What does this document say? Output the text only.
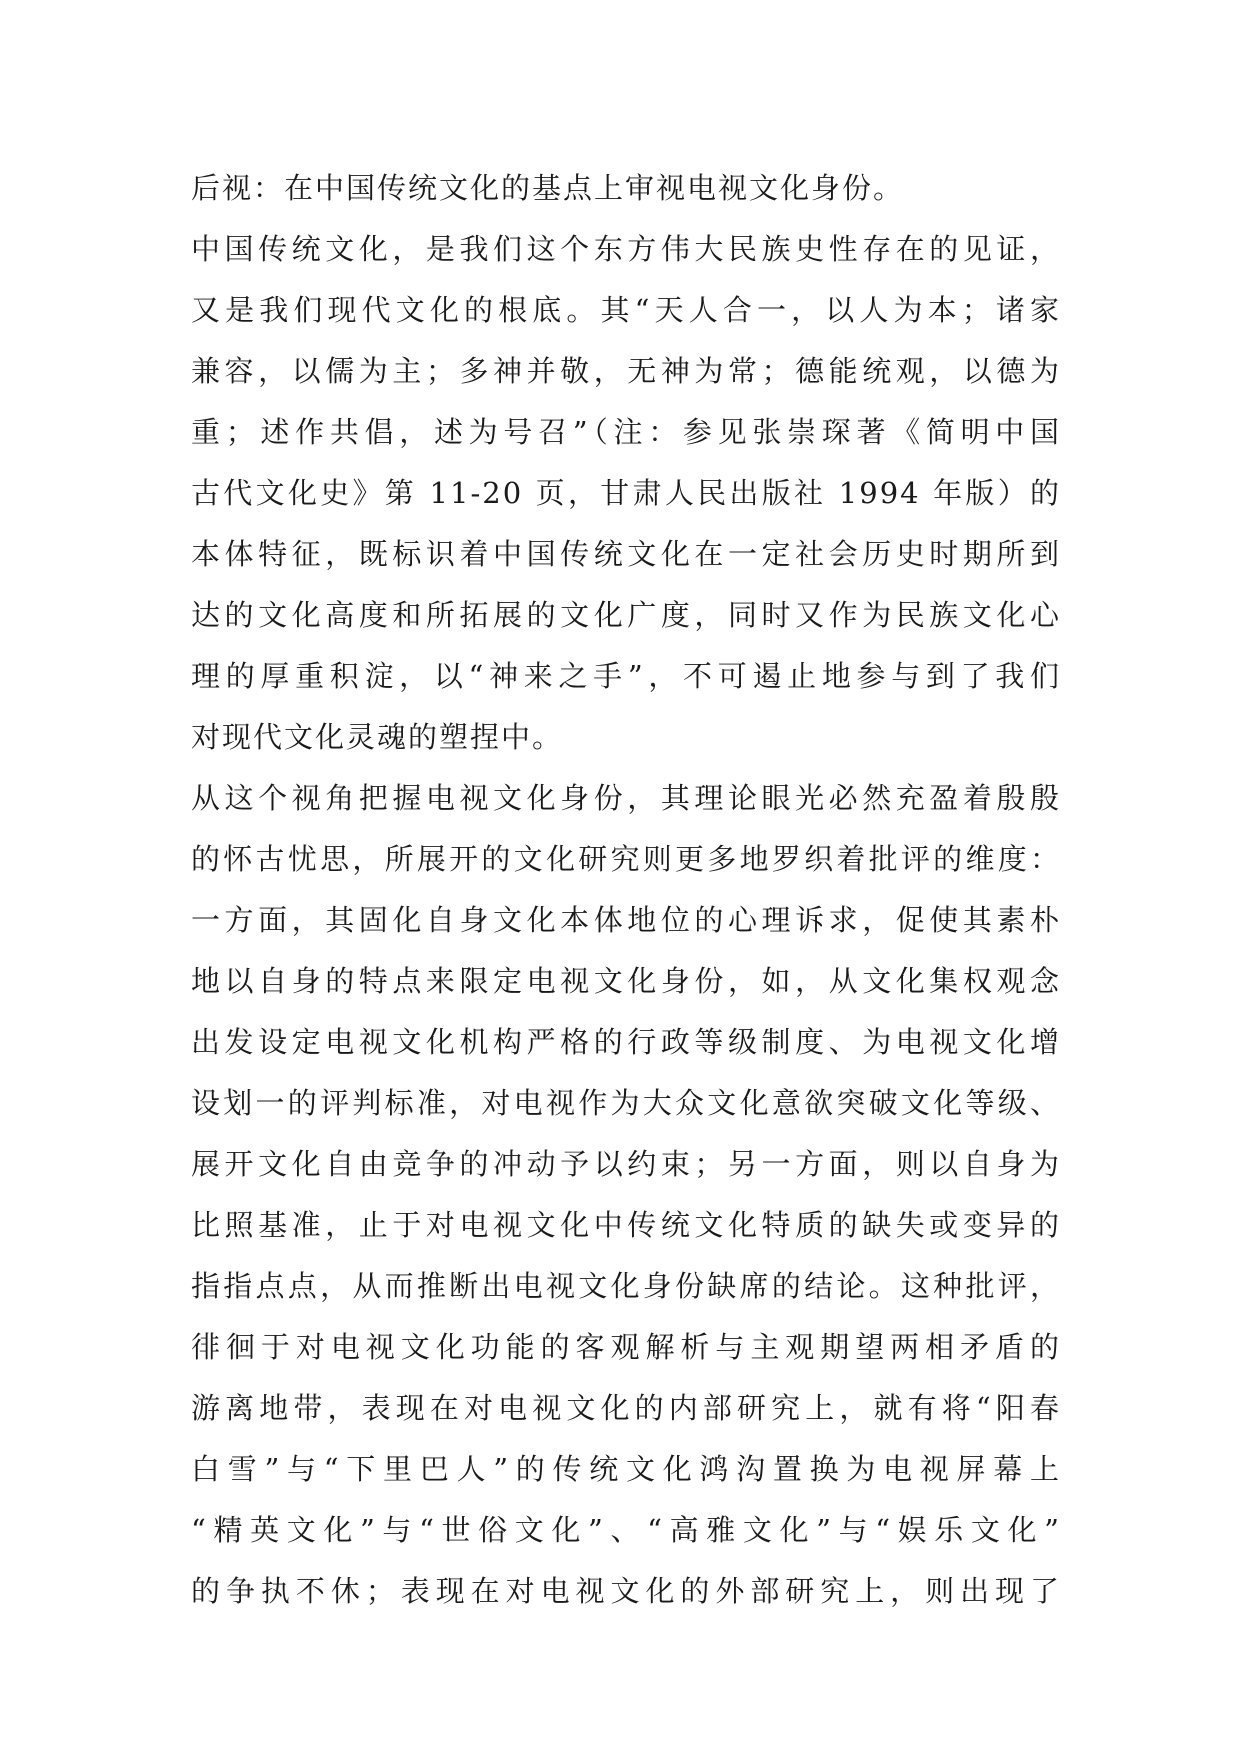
后视：在中国传统文化的基点上审视电视文化身份。
中国传统文化，是我们这个东方伟大民族史性存在的见证，
又是我们现代文化的根底。其“天人合一，以人为本；诸家
兼容，以儒为主；多神并敬，无神为常；德能统观，以德为
重；述作共倡，述为号召”（注：参见张崇琛著《简明中国
古代文化史》第 11-20 页，甘肃人民出版社 1994 年版）的
本体特征，既标识着中国传统文化在一定社会历史时期所到
达的文化高度和所拓展的文化广度，同时又作为民族文化心
理的厚重积淀，以“神来之手”，不可遏止地参与到了我们
对现代文化灵魂的塑捏中。
从这个视角把握电视文化身份，其理论眼光必然充盈着殷殷
的怀古忧思，所展开的文化研究则更多地罗织着批评的维度：
一方面，其固化自身文化本体地位的心理诉求，促使其素朴
地以自身的特点来限定电视文化身份，如，从文化集权观念
出发设定电视文化机构严格的行政等级制度、为电视文化增
设划一的评判标准，对电视作为大众文化意欲突破文化等级、
展开文化自由竞争的冲动予以约束；另一方面，则以自身为
比照基准，止于对电视文化中传统文化特质的缺失或变异的
指指点点，从而推断出电视文化身份缺席的结论。这种批评，
徘徊于对电视文化功能的客观解析与主观期望两相矛盾的
游离地带，表现在对电视文化的内部研究上，就有将“阳春
白雪”与“下里巴人”的传统文化鸿沟置换为电视屏幕上
“精英文化”与“世俗文化”、“高雅文化”与“娱乐文化”
的争执不休；表现在对电视文化的外部研究上，则出现了
